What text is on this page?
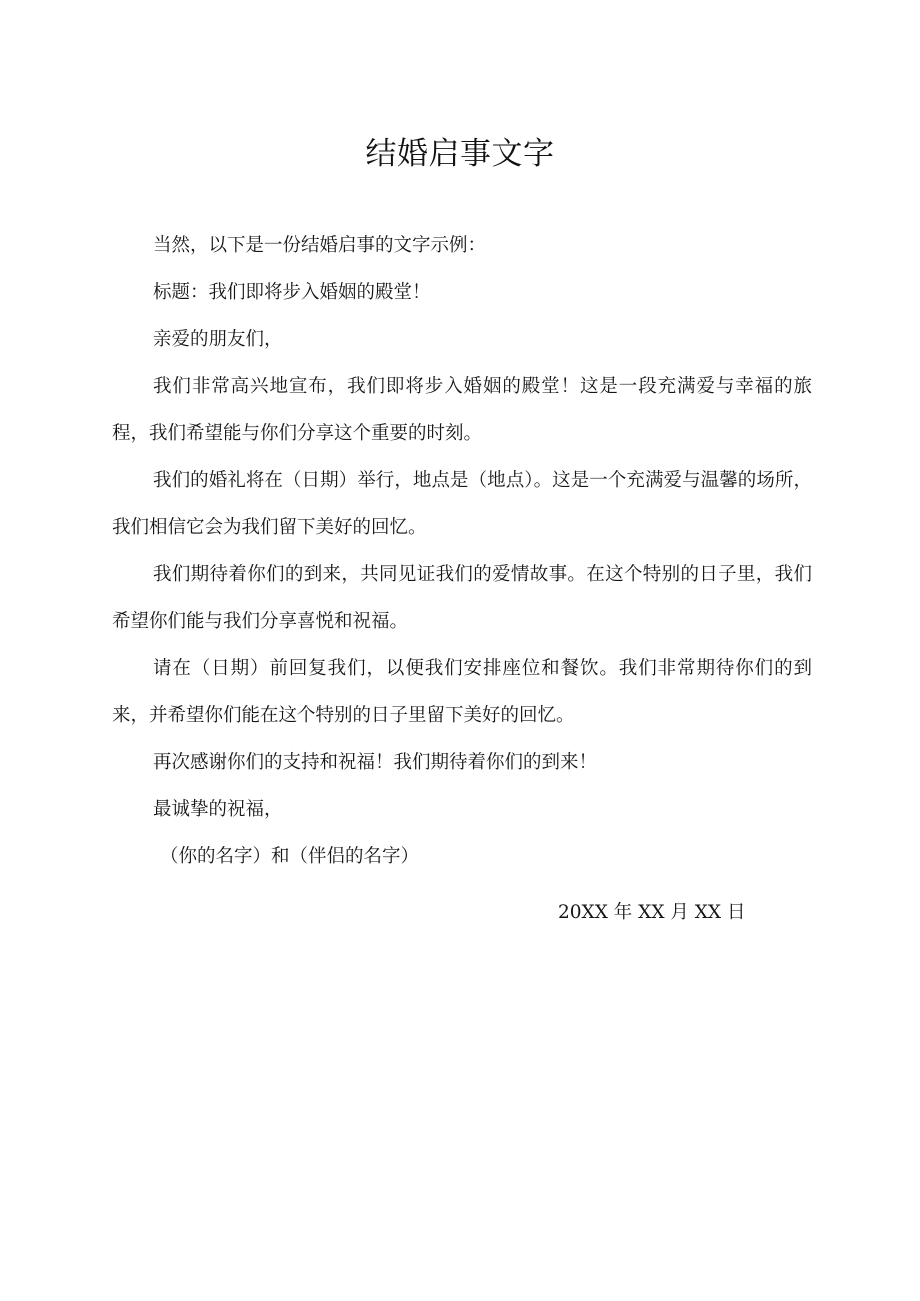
结婚启事文字

当然，以下是一份结婚启事的文字示例：

标题：我们即将步入婚姻的殿堂！

亲爱的朋友们，

我们非常高兴地宣布，我们即将步入婚姻的殿堂！这是一段充满爱与幸福的旅程，我们希望能与你们分享这个重要的时刻。

我们的婚礼将在（日期）举行，地点是（地点）。这是一个充满爱与温馨的场所，我们相信它会为我们留下美好的回忆。

我们期待着你们的到来，共同见证我们的爱情故事。在这个特别的日子里，我们希望你们能与我们分享喜悦和祝福。

请在（日期）前回复我们，以便我们安排座位和餐饮。我们非常期待你们的到来，并希望你们能在这个特别的日子里留下美好的回忆。

再次感谢你们的支持和祝福！我们期待着你们的到来！

最诚挚的祝福，

（你的名字）和（伴侣的名字）

20XX 年 XX 月 XX 日
